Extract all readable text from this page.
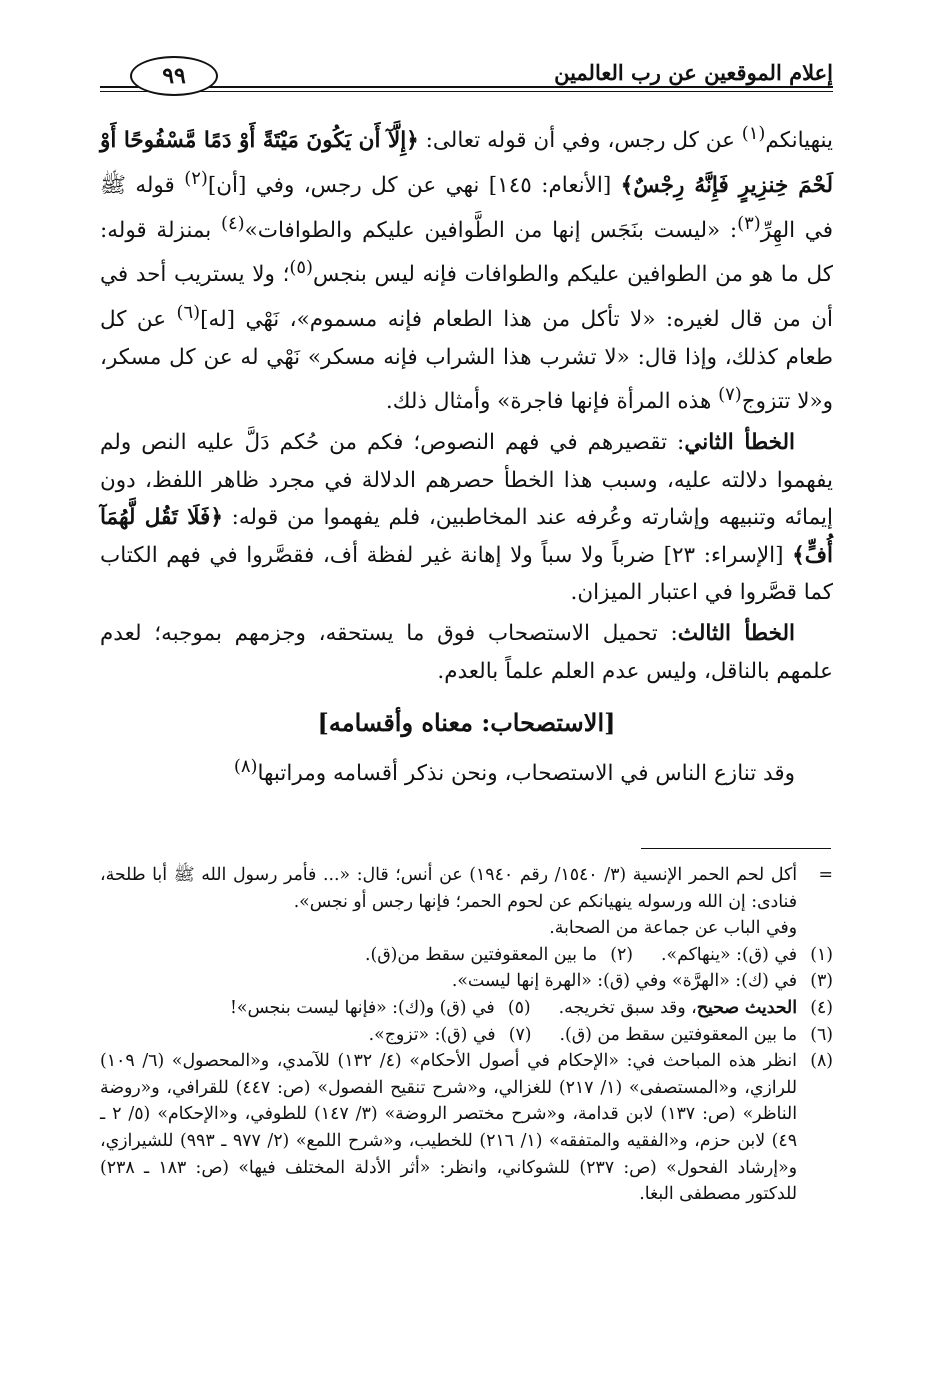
إعلام الموقعين عن رب العالمين
٩٩

ينهيانكم$^{(١)}$ عن كل رجس، وفي أن قوله تعالى: ﴿إِلَّآ أَن يَكُونَ مَيْتَةً أَوْ دَمًا مَّسْفُوحًا أَوْ لَحْمَ خِنزِيرٍ فَإِنَّهُ رِجْسٌ﴾ [الأنعام: ١٤٥] نهي عن كل رجس، وفي [أن]$^{(٢)}$ قوله ﷺ في الهِرِّ$^{(٣)}$: «ليست بنَجَس إنها من الطَّوافين عليكم والطوافات»$^{(٤)}$ بمنزلة قوله: كل ما هو من الطوافين عليكم والطوافات فإنه ليس بنجس$^{(٥)}$؛ ولا يستريب أحد في أن من قال لغيره: «لا تأكل من هذا الطعام فإنه مسموم»، نَهْي [له]$^{(٦)}$ عن كل طعام كذلك، وإذا قال: «لا تشرب هذا الشراب فإنه مسكر» نَهْي له عن كل مسكر، و«لا تتزوج$^{(٧)}$ هذه المرأة فإنها فاجرة» وأمثال ذلك.

الخطأ الثاني: تقصيرهم في فهم النصوص؛ فكم من حُكم دَلَّ عليه النص ولم يفهموا دلالته عليه، وسبب هذا الخطأ حصرهم الدلالة في مجرد ظاهر اللفظ، دون إيمائه وتنبيهه وإشارته وعُرفه عند المخاطبين، فلم يفهموا من قوله: ﴿فَلَا تَقُل لَّهُمَآ أُفٍّ﴾ [الإسراء: ٢٣] ضرباً ولا سباً ولا إهانة غير لفظة أف، فقصَّروا في فهم الكتاب كما قصَّروا في اعتبار الميزان.

الخطأ الثالث: تحميل الاستصحاب فوق ما يستحقه، وجزمهم بموجبه؛ لعدم علمهم بالناقل، وليس عدم العلم علماً بالعدم.

[الاستصحاب: معناه وأقسامه]

وقد تنازع الناس في الاستصحاب، ونحن نذكر أقسامه ومراتبها$^{(٨)}$

=
أكل لحم الحمر الإنسية (٣/ ١٥٤٠/ رقم ١٩٤٠) عن أنس؛ قال: «... فأمر رسول الله ﷺ أبا طلحة، فنادى: إن الله ورسوله ينهيانكم عن لحوم الحمر؛ فإنها رجس أو نجس».
وفي الباب عن جماعة من الصحابة.
(١)
في (ق): «ينهاكم».
(٢)
ما بين المعقوفتين سقط من(ق).
(٣)
في (ك): «الهرَّة» وفي (ق): «الهرة إنها ليست».
(٤)
الحديث صحيح، وقد سبق تخريجه.
(٥)
في (ق) و(ك): «فإنها ليست بنجس»!
(٦)
ما بين المعقوفتين سقط من (ق).
(٧)
في (ق): «تزوج».
(٨)
انظر هذه المباحث في: «الإحكام في أصول الأحكام» (٤/ ١٣٢) للآمدي، و«المحصول» (٦/ ١٠٩) للرازي، و«المستصفى» (١/ ٢١٧) للغزالي، و«شرح تنقيح الفصول» (ص: ٤٤٧) للقرافي، و«روضة الناظر» (ص: ١٣٧) لابن قدامة، و«شرح مختصر الروضة» (٣/ ١٤٧) للطوفي، و«الإحكام» (٥/ ٢ ـ ٤٩) لابن حزم، و«الفقيه والمتفقه» (١/ ٢١٦) للخطيب، و«شرح اللمع» (٢/ ٩٧٧ ـ ٩٩٣) للشيرازي، و«إرشاد الفحول» (ص: ٢٣٧) للشوكاني، وانظر: «أثر الأدلة المختلف فيها» (ص: ١٨٣ ـ ٢٣٨) للدكتور مصطفى البغا.
